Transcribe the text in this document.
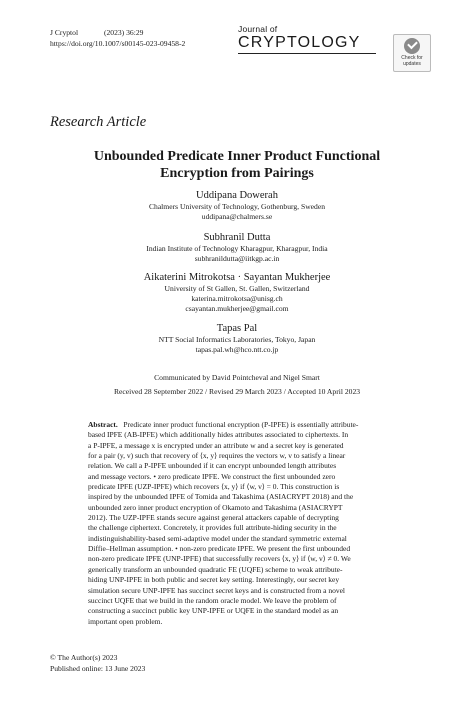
J Cryptol	(2023) 36:29
https://doi.org/10.1007/s00145-023-09458-2
Journal of
CRYPTOLOGY
Check for
updates
Research Article
Unbounded Predicate Inner Product Functional
Encryption from Pairings
Uddipana Dowerah
Chalmers University of Technology, Gothenburg, Sweden
uddipana@chalmers.se
Subhranil Dutta
Indian Institute of Technology Kharagpur, Kharagpur, India
subhranildutta@iitkgp.ac.in
Aikaterini Mitrokotsa · Sayantan Mukherjee
University of St Gallen, St. Gallen, Switzerland
katerina.mitrokotsa@unisg.ch
csayantan.mukherjee@gmail.com
Tapas Pal
NTT Social Informatics Laboratories, Tokyo, Japan
tapas.pal.wh@hco.ntt.co.jp
Communicated by David Pointcheval and Nigel Smart
Received 28 September 2022 / Revised 29 March 2023 / Accepted 10 April 2023
Abstract. Predicate inner product functional encryption (P-IPFE) is essentially attribute-
based IPFE (AB-IPFE) which additionally hides attributes associated to ciphertexts. In
a P-IPFE, a message x is encrypted under an attribute w and a secret key is generated
for a pair (y, v) such that recovery of ⟨x, y⟩ requires the vectors w, v to satisfy a linear
relation. We call a P-IPFE unbounded if it can encrypt unbounded length attributes
and message vectors. • zero predicate IPFE. We construct the first unbounded zero
predicate IPFE (UZP-IPFE) which recovers ⟨x, y⟩ if ⟨w, v⟩ = 0. This construction is
inspired by the unbounded IPFE of Tomida and Takashima (ASIACRYPT 2018) and the
unbounded zero inner product encryption of Okamoto and Takashima (ASIACRYPT
2012). The UZP-IPFE stands secure against general attackers capable of decrypting
the challenge ciphertext. Concretely, it provides full attribute-hiding security in the
indistinguishability-based semi-adaptive model under the standard symmetric external
Diffie–Hellman assumption. • non-zero predicate IPFE. We present the first unbounded
non-zero predicate IPFE (UNP-IPFE) that successfully recovers ⟨x, y⟩ if ⟨w, v⟩ ≠ 0. We
generically transform an unbounded quadratic FE (UQFE) scheme to weak attribute-
hiding UNP-IPFE in both public and secret key setting. Interestingly, our secret key
simulation secure UNP-IPFE has succinct secret keys and is constructed from a novel
succinct UQFE that we build in the random oracle model. We leave the problem of
constructing a succinct public key UNP-IPFE or UQFE in the standard model as an
important open problem.
© The Author(s) 2023
Published online: 13 June 2023
